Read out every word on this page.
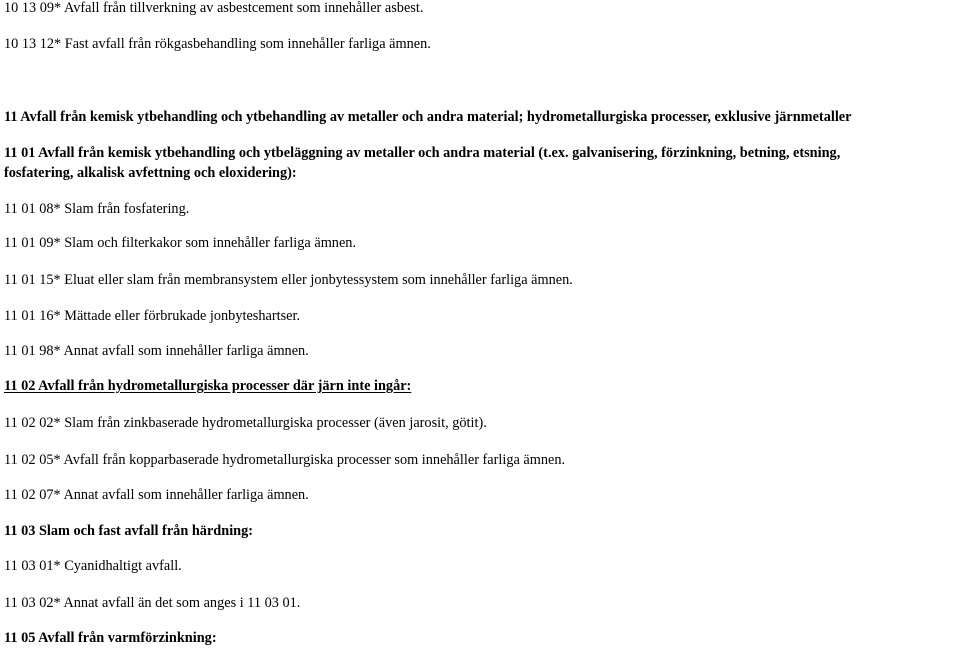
10 13 09* Avfall från tillverkning av asbestcement som innehåller asbest.
10 13 12* Fast avfall från rökgasbehandling som innehåller farliga ämnen.
11 Avfall från kemisk ytbehandling och ytbehandling av metaller och andra material; hydrometallurgiska processer, exklusive järnmetaller
11 01 Avfall från kemisk ytbehandling och ytbeläggning av metaller och andra material (t.ex. galvanisering, förzinkning, betning, etsning,
fosfatering, alkalisk avfettning och eloxidering):
11 01 08* Slam från fosfatering.
11 01 09* Slam och filterkakor som innehåller farliga ämnen.
11 01 15* Eluat eller slam från membransystem eller jonbytessystem som innehåller farliga ämnen.
11 01 16* Mättade eller förbrukade jonbyteshartser.
11 01 98* Annat avfall som innehåller farliga ämnen.
11 02 Avfall från hydrometallurgiska processer där järn inte ingår:
11 02 02* Slam från zinkbaserade hydrometallurgiska processer (även jarosit, götit).
11 02 05* Avfall från kopparbaserade hydrometallurgiska processer som innehåller farliga ämnen.
11 02 07* Annat avfall som innehåller farliga ämnen.
11 03 Slam och fast avfall från härdning:
11 03 01* Cyanidhaltigt avfall.
11 03 02* Annat avfall än det som anges i 11 03 01.
11 05 Avfall från varmförzinkning:
